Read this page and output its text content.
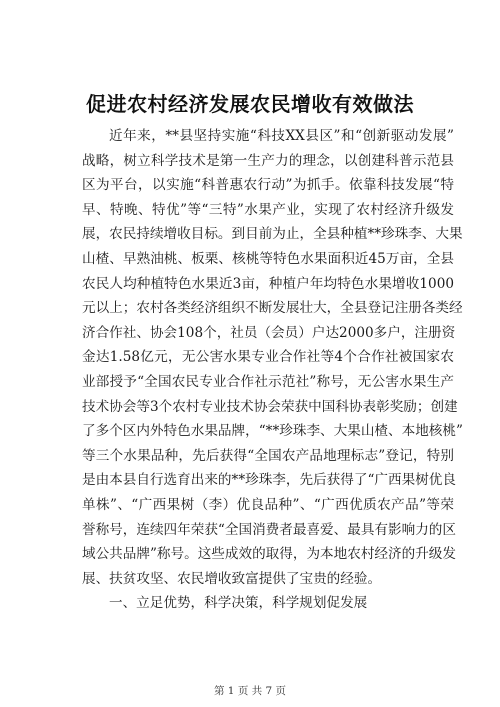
促进农村经济发展农民增收有效做法
近年来，**县坚持实施“科技XX县区”和“创新驱动发展”
战略，树立科学技术是第一生产力的理念，以创建科普示范县
区为平台，以实施“科普惠农行动”为抓手。依靠科技发展“特
早、特晚、特优”等“三特”水果产业，实现了农村经济升级发
展，农民持续增收目标。到目前为止，全县种植**珍珠李、大果
山楂、早熟油桃、板栗、核桃等特色水果面积近45万亩，全县
农民人均种植特色水果近3亩，种植户年均特色水果增收1000
元以上；农村各类经济组织不断发展壮大，全县登记注册各类经
济合作社、协会108个，社员（会员）户达2000多户，注册资
金达1.58亿元，无公害水果专业合作社等4个合作社被国家农
业部授予“全国农民专业合作社示范社”称号，无公害水果生产
技术协会等3个农村专业技术协会荣获中国科协表彰奖励；创建
了多个区内外特色水果品牌，“**珍珠李、大果山楂、本地核桃”
等三个水果品种，先后获得“全国农产品地理标志”登记，特别
是由本县自行选育出来的**珍珠李，先后获得了“广西果树优良
单株”、“广西果树（李）优良品种”、“广西优质农产品”等荣
誉称号，连续四年荣获“全国消费者最喜爱、最具有影响力的区
域公共品牌”称号。这些成效的取得，为本地农村经济的升级发
展、扶贫攻坚、农民增收致富提供了宝贵的经验。
一、立足优势，科学决策，科学规划促发展
第 1 页 共 7 页
